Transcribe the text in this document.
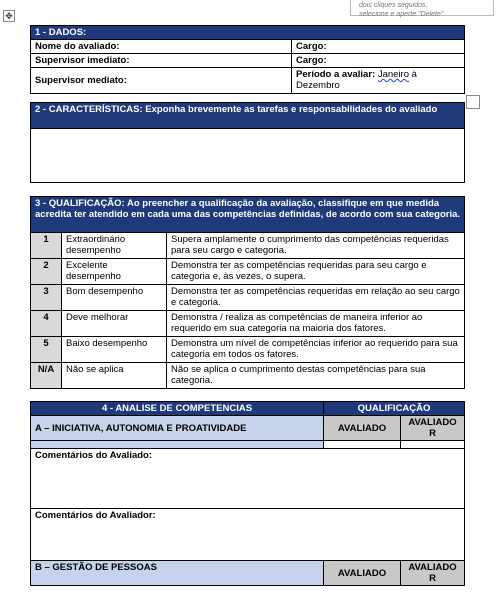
dois cliques seguidos,
selecione e aperte "Delete"
✥
1 - DADOS:	
Nome do avaliado:	Cargo:
Supervisor imediato:	Cargo:
Supervisor mediato:	Período a avaliar: Janeiro à Dezembro
2 - CARACTERÍSTICAS: Exponha brevemente as tarefas e responsabilidades do avaliado

3 - QUALIFICAÇÃO: Ao preencher a qualificação da avaliação, classifique em que medida acredita ter atendido em cada uma das competências definidas, de acordo com sua categoria.		
1	Extraordinário desempenho	Supera amplamente o cumprimento das competências requeridas para seu cargo e categoria.
2	Excelente desempenho	Demonstra ter as competências requeridas para seu cargo e categoria e, às vezes, o supera.
3	Bom desempenho	Demonstra ter as competências requeridas em relação ao seu cargo e categoria.
4	Deve melhorar	Demonstra / realiza as competências de maneira inferior ao requerido em sua categoria na maioria dos fatores.
5	Baixo desempenho	Demonstra um nível de competências inferior ao requerido para sua categoria em todos os fatores.
N/A	Não se aplica	Não se aplica o cumprimento destas competências para sua categoria.
4 - ANALISE DE COMPETENCIAS	QUALIFICAÇÃO	
A – INICIATIVA, AUTONOMIA E PROATIVIDADE	AVALIADO	AVALIADO R

Comentários do Avaliado:		
Comentários do Avaliador:		
B – GESTÃO DE PESSOAS	AVALIADO	AVALIADO R
